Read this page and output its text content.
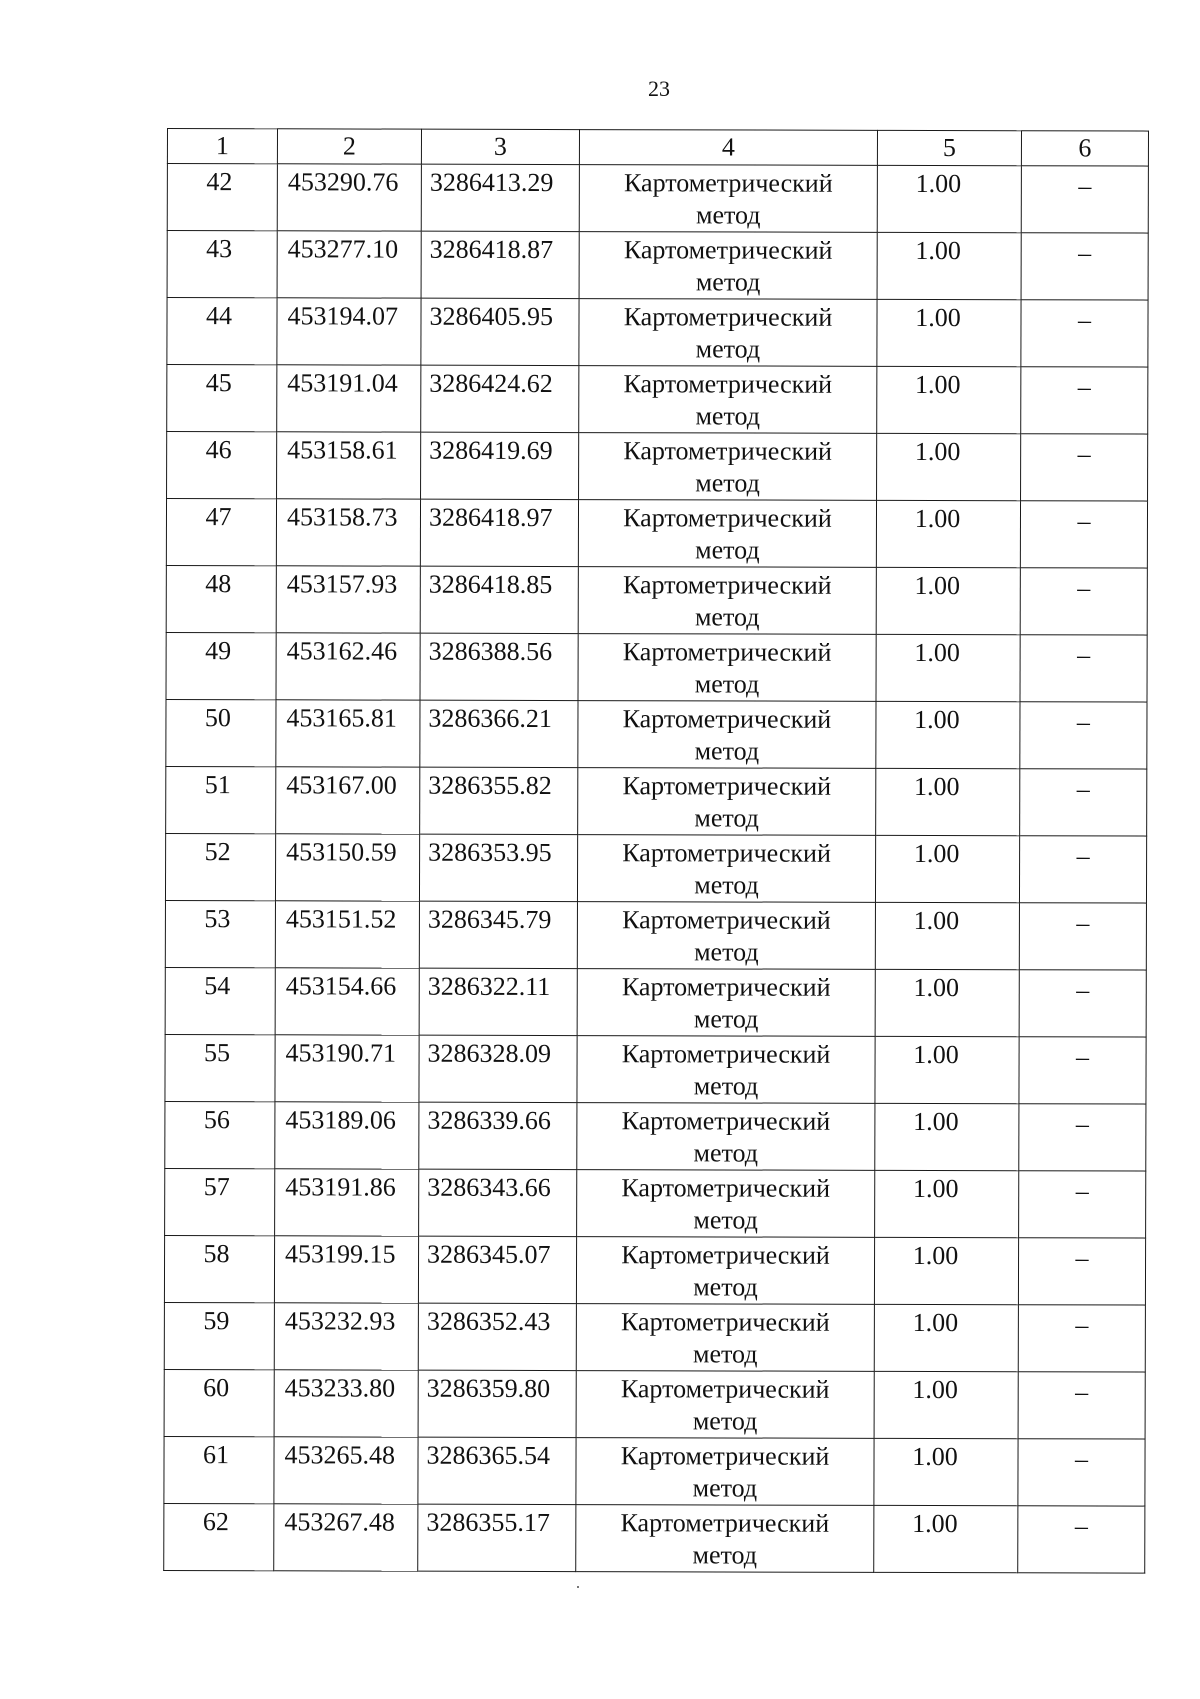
23
1	2	3	4	5	6
42	453290.76	3286413.29	Картометрический метод	1.00	–
43	453277.10	3286418.87	Картометрический метод	1.00	–
44	453194.07	3286405.95	Картометрический метод	1.00	–
45	453191.04	3286424.62	Картометрический метод	1.00	–
46	453158.61	3286419.69	Картометрический метод	1.00	–
47	453158.73	3286418.97	Картометрический метод	1.00	–
48	453157.93	3286418.85	Картометрический метод	1.00	–
49	453162.46	3286388.56	Картометрический метод	1.00	–
50	453165.81	3286366.21	Картометрический метод	1.00	–
51	453167.00	3286355.82	Картометрический метод	1.00	–
52	453150.59	3286353.95	Картометрический метод	1.00	–
53	453151.52	3286345.79	Картометрический метод	1.00	–
54	453154.66	3286322.11	Картометрический метод	1.00	–
55	453190.71	3286328.09	Картометрический метод	1.00	–
56	453189.06	3286339.66	Картометрический метод	1.00	–
57	453191.86	3286343.66	Картометрический метод	1.00	–
58	453199.15	3286345.07	Картометрический метод	1.00	–
59	453232.93	3286352.43	Картометрический метод	1.00	–
60	453233.80	3286359.80	Картометрический метод	1.00	–
61	453265.48	3286365.54	Картометрический метод	1.00	–
62	453267.48	3286355.17	Картометрический метод	1.00	–
